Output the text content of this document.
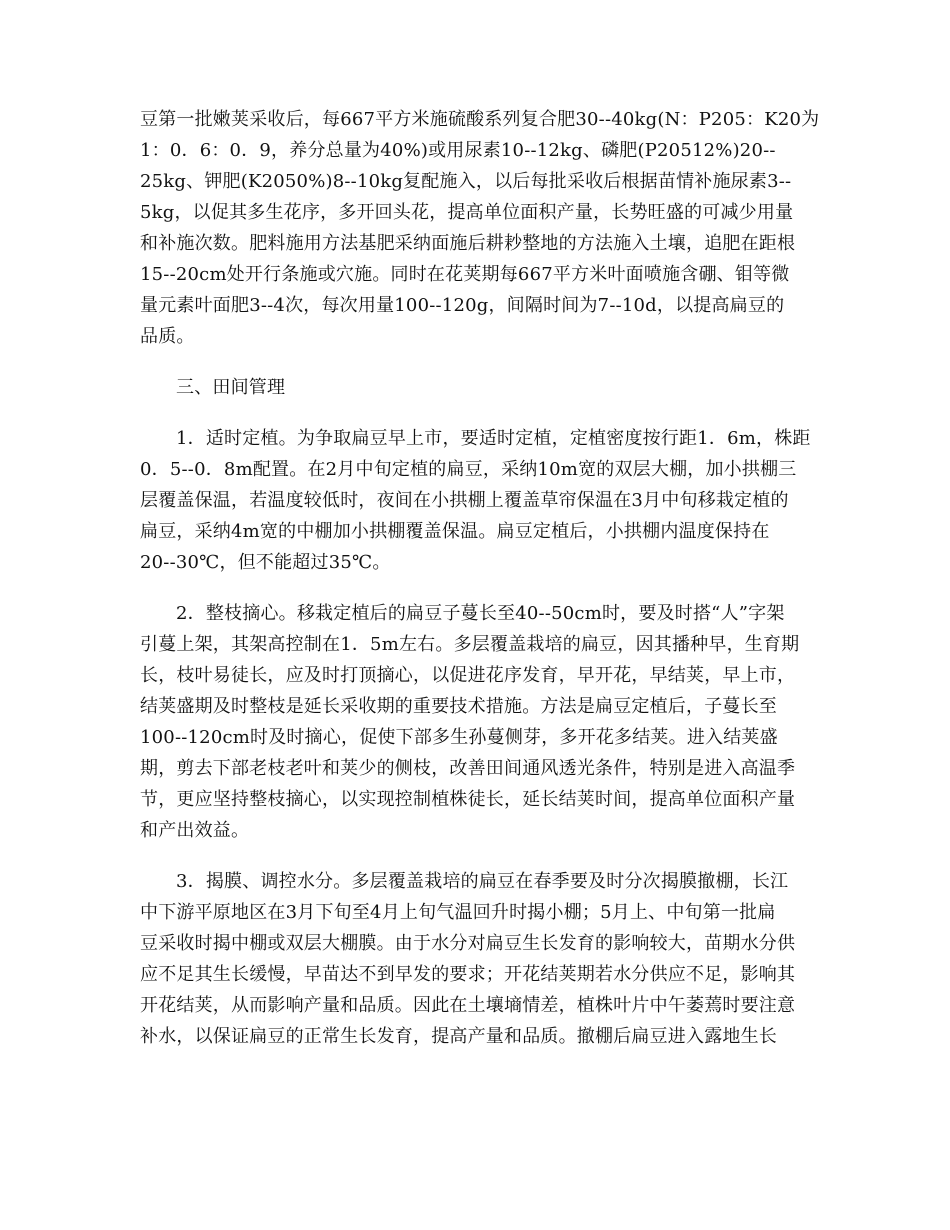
豆第一批嫩荚采收后，每667平方米施硫酸系列复合肥30--40kg(N：P205：K20为
1：0．6：0．9，养分总量为40%)或用尿素10--12kg、磷肥(P20512%)20--
25kg、钾肥(K2050%)8--10kg复配施入，以后每批采收后根据苗情补施尿素3--
5kg，以促其多生花序，多开回头花，提高单位面积产量，长势旺盛的可减少用量
和补施次数。肥料施用方法基肥采纳面施后耕耖整地的方法施入土壤，追肥在距根
15--20cm处开行条施或穴施。同时在花荚期每667平方米叶面喷施含硼、钼等微
量元素叶面肥3--4次，每次用量100--120g，间隔时间为7--10d，以提高扁豆的
品质。

三、田间管理

1．适时定植。为争取扁豆早上市，要适时定植，定植密度按行距1．6m，株距
0．5--0．8m配置。在2月中旬定植的扁豆，采纳10m宽的双层大棚，加小拱棚三
层覆盖保温，若温度较低时，夜间在小拱棚上覆盖草帘保温在3月中旬移栽定植的
扁豆，采纳4m宽的中棚加小拱棚覆盖保温。扁豆定植后，小拱棚内温度保持在
20--30℃，但不能超过35℃。

2．整枝摘心。移栽定植后的扁豆子蔓长至40--50cm时，要及时搭“人”字架
引蔓上架，其架高控制在1．5m左右。多层覆盖栽培的扁豆，因其播种早，生育期
长，枝叶易徒长，应及时打顶摘心，以促进花序发育，早开花，早结荚，早上市，
结荚盛期及时整枝是延长采收期的重要技术措施。方法是扁豆定植后，子蔓长至
100--120cm时及时摘心，促使下部多生孙蔓侧芽，多开花多结荚。进入结荚盛
期，剪去下部老枝老叶和荚少的侧枝，改善田间通风透光条件，特别是进入高温季
节，更应坚持整枝摘心，以实现控制植株徒长，延长结荚时间，提高单位面积产量
和产出效益。

3．揭膜、调控水分。多层覆盖栽培的扁豆在春季要及时分次揭膜撤棚，长江
中下游平原地区在3月下旬至4月上旬气温回升时揭小棚；5月上、中旬第一批扁
豆采收时揭中棚或双层大棚膜。由于水分对扁豆生长发育的影响较大，苗期水分供
应不足其生长缓慢，早苗达不到早发的要求；开花结荚期若水分供应不足，影响其
开花结荚，从而影响产量和品质。因此在土壤墒情差，植株叶片中午萎蔫时要注意
补水，以保证扁豆的正常生长发育，提高产量和品质。撤棚后扁豆进入露地生长
